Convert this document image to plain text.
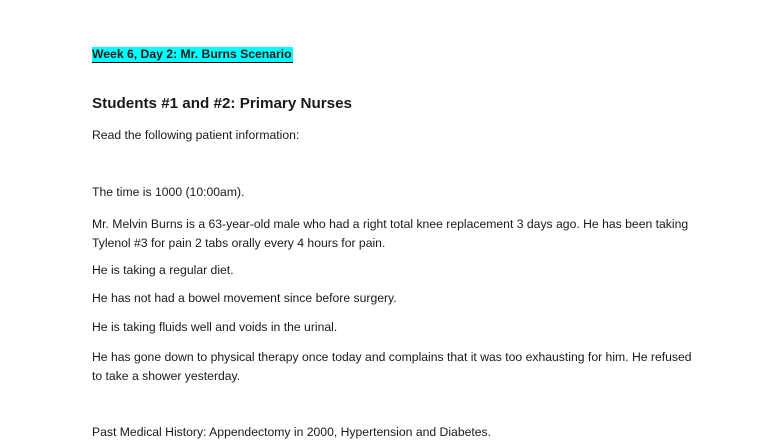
Week 6, Day 2: Mr. Burns Scenario
Students #1 and #2: Primary Nurses
Read the following patient information:
The time is 1000 (10:00am).
Mr. Melvin Burns is a 63-year-old male who had a right total knee replacement 3 days ago. He has been taking Tylenol #3 for pain 2 tabs orally every 4 hours for pain.
He is taking a regular diet.
He has not had a bowel movement since before surgery.
He is taking fluids well and voids in the urinal.
He has gone down to physical therapy once today and complains that it was too exhausting for him. He refused to take a shower yesterday.
Past Medical History: Appendectomy in 2000, Hypertension and Diabetes.
